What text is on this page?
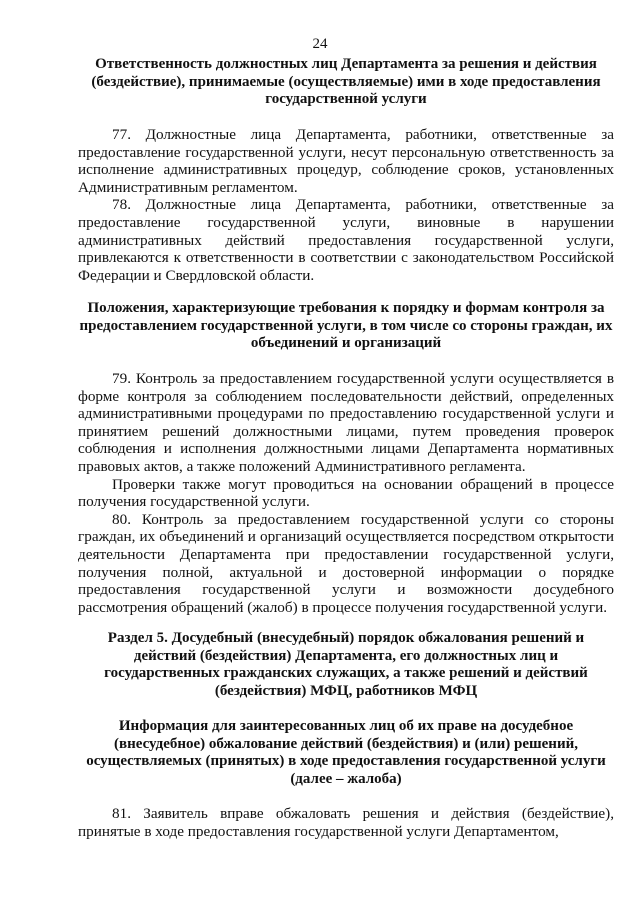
24
Ответственность должностных лиц Департамента за решения и действия (бездействие), принимаемые (осуществляемые) ими в ходе предоставления государственной услуги

77. Должностные лица Департамента, работники, ответственные за предоставление государственной услуги, несут персональную ответственность за исполнение административных процедур, соблюдение сроков, установленных Административным регламентом.

78. Должностные лица Департамента, работники, ответственные за предоставление государственной услуги, виновные в нарушении административных действий предоставления государственной услуги, привлекаются к ответственности в соответствии с законодательством Российской Федерации и Свердловской области.

Положения, характеризующие требования к порядку и формам контроля за предоставлением государственной услуги, в том числе со стороны граждан, их объединений и организаций

79. Контроль за предоставлением государственной услуги осуществляется в форме контроля за соблюдением последовательности действий, определенных административными процедурами по предоставлению государственной услуги и принятием решений должностными лицами, путем проведения проверок соблюдения и исполнения должностными лицами Департамента нормативных правовых актов, а также положений Административного регламента.

Проверки также могут проводиться на основании обращений в процессе получения государственной услуги.

80. Контроль за предоставлением государственной услуги со стороны граждан, их объединений и организаций осуществляется посредством открытости деятельности Департамента при предоставлении государственной услуги, получения полной, актуальной и достоверной информации о порядке предоставления государственной услуги и возможности досудебного рассмотрения обращений (жалоб) в процессе получения государственной услуги.

Раздел 5. Досудебный (внесудебный) порядок обжалования решений и действий (бездействия) Департамента, его должностных лиц и государственных гражданских служащих, а также решений и действий (бездействия) МФЦ, работников МФЦ
Информация для заинтересованных лиц об их праве на досудебное (внесудебное) обжалование действий (бездействия) и (или) решений, осуществляемых (принятых) в ходе предоставления государственной услуги (далее – жалоба)

81. Заявитель вправе обжаловать решения и действия (бездействие), принятые в ходе предоставления государственной услуги Департаментом,
